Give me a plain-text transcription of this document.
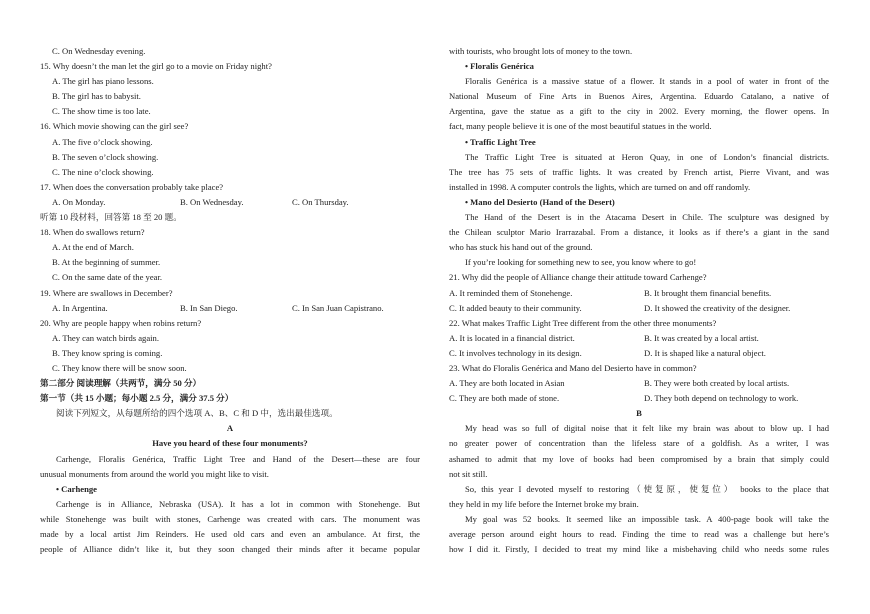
C. On Wednesday evening.
15. Why doesn’t the man let the girl go to a movie on Friday night?
A. The girl has piano lessons.
B. The girl has to babysit.
C. The show time is too late.
16. Which movie showing can the girl see?
A. The five o’clock showing.
B. The seven o’clock showing.
C. The nine o’clock showing.
17. When does the conversation probably take place?
A. On Monday.	B. On Wednesday.	C. On Thursday.
听第 10 段材料，回答第 18 至 20 题。
18. When do swallows return?
A. At the end of March.
B. At the beginning of summer.
C. On the same date of the year.
19. Where are swallows in December?
A. In Argentina.	B. In San Diego.	C. In San Juan Capistrano.
20. Why are people happy when robins return?
A. They can watch birds again.
B. They know spring is coming.
C. They know there will be snow soon.
第二部分 阅读理解（共两节，满分 50 分）
第一节（共 15 小题；每小题 2.5 分，满分 37.5 分）
阅读下列短文，从每题所给的四个选项 A、B、C 和 D 中，选出最佳选项。
A
Have you heard of these four monuments?
Carhenge, Floralis Genérica, Traffic Light Tree and Hand of the Desert—these are four
unusual monuments from around the world you might like to visit.
• Carhenge
Carhenge is in Alliance, Nebraska (USA). It has a lot in common with Stonehenge. But
while Stonehenge was built with stones, Carhenge was created with cars. The monument was
made by a local artist Jim Reinders. He used old cars and even an ambulance. At first, the
people of Alliance didn’t like it, but they soon changed their minds after it became popular
with tourists, who brought lots of money to the town.
• Floralis Genérica
Floralis Genérica is a massive statue of a flower. It stands in a pool of water in front of the
National Museum of Fine Arts in Buenos Aires, Argentina. Eduardo Catalano, a native of
Argentina, gave the statue as a gift to the city in 2002. Every morning, the flower opens. In
fact, many people believe it is one of the most beautiful statues in the world.
• Traffic Light Tree
The Traffic Light Tree is situated at Heron Quay, in one of London’s financial districts.
The tree has 75 sets of traffic lights. It was created by French artist, Pierre Vivant, and was
installed in 1998. A computer controls the lights, which are turned on and off randomly.
• Mano del Desierto (Hand of the Desert)
The Hand of the Desert is in the Atacama Desert in Chile. The sculpture was designed by
the Chilean sculptor Mario Irarrazabal. From a distance, it looks as if there’s a giant in the sand
who has stuck his hand out of the ground.
If you’re looking for something new to see, you know where to go!
21. Why did the people of Alliance change their attitude toward Carhenge?
A. It reminded them of Stonehenge.	B. It brought them financial benefits.
C. It added beauty to their community.	D. It showed the creativity of the designer.
22. What makes Traffic Light Tree different from the other three monuments?
A. It is located in a financial district.	B. It was created by a local artist.
C. It involves technology in its design.	D. It is shaped like a natural object.
23. What do Floralis Genérica and Mano del Desierto have in common?
A. They are both located in Asian	B. They were both created by local artists.
C. They are both made of stone.	D. They both depend on technology to work.
B
My head was so full of digital noise that it felt like my brain was about to blow up. I had
no greater power of concentration than the lifeless stare of a goldfish. As a writer, I was
ashamed to admit that my love of books had been compromised by a brain that simply could
not sit still.
So, this year I devoted myself to restoring（使复原，使复位） books to the place that
they held in my life before the Internet broke my brain.
My goal was 52 books. It seemed like an impossible task. A 400-page book will take the
average person around eight hours to read. Finding the time to read was a challenge but here’s
how I did it. Firstly, I decided to treat my mind like a misbehaving child who needs some rules
